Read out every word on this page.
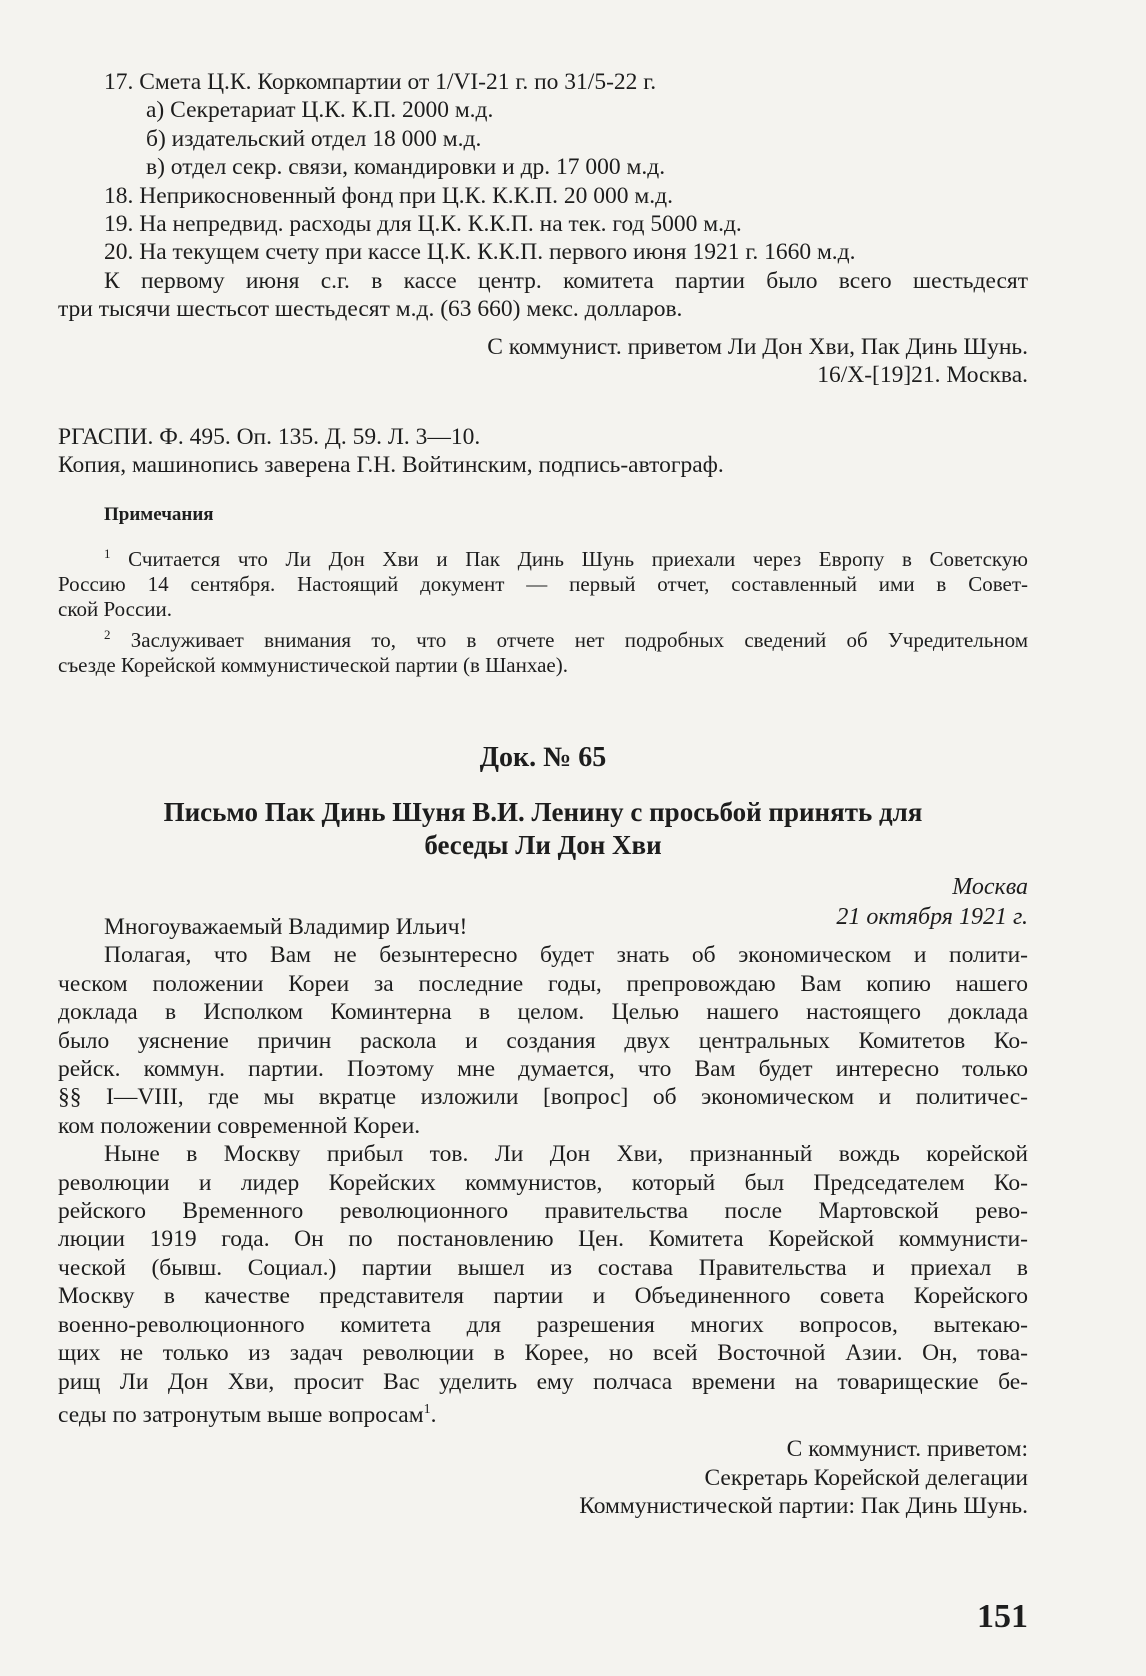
17. Смета Ц.К. Коркомпартии от 1/VI-21 г. по 31/5-22 г.
а) Секретариат Ц.К. К.П. 2000 м.д.
б) издательский отдел 18 000 м.д.
в) отдел секр. связи, командировки и др. 17 000 м.д.
18. Неприкосновенный фонд при Ц.К. К.К.П. 20 000 м.д.
19. На непредвид. расходы для Ц.К. К.К.П. на тек. год 5000 м.д.
20. На текущем счету при кассе Ц.К. К.К.П. первого июня 1921 г. 1660 м.д.
К первому июня с.г. в кассе центр. комитета партии было всего шестьдесят
три тысячи шестьсот шестьдесят м.д. (63 660) мекс. долларов.
С коммунист. приветом Ли Дон Хви, Пак Динь Шунь.
16/X-[19]21. Москва.
РГАСПИ. Ф. 495. Оп. 135. Д. 59. Л. 3—10.
Копия, машинопись заверена Г.Н. Войтинским, подпись-автограф.
Примечания
$^1$ Считается что Ли Дон Хви и Пак Динь Шунь приехали через Европу в Советскую
Россию 14 сентября. Настоящий документ — первый отчет, составленный ими в Совет-
ской России.
$^2$ Заслуживает внимания то, что в отчете нет подробных сведений об Учредительном
съезде Корейской коммунистической партии (в Шанхае).
Док. № 65
Письмо Пак Динь Шуня В.И. Ленину с просьбой принять для
беседы Ли Дон Хви
Москва
21 октября 1921 г.
Многоуважаемый Владимир Ильич!
Полагая, что Вам не безынтересно будет знать об экономическом и полити-
ческом положении Кореи за последние годы, препровождаю Вам копию нашего
доклада в Исполком Коминтерна в целом. Целью нашего настоящего доклада
было уяснение причин раскола и создания двух центральных Комитетов Ко-
рейск. коммун. партии. Поэтому мне думается, что Вам будет интересно только
§§ I—VIII, где мы вкратце изложили [вопрос] об экономическом и политичес-
ком положении современной Кореи.
Ныне в Москву прибыл тов. Ли Дон Хви, признанный вождь корейской
революции и лидер Корейских коммунистов, который был Председателем Ко-
рейского Временного революционного правительства после Мартовской рево-
люции 1919 года. Он по постановлению Цен. Комитета Корейской коммунисти-
ческой (бывш. Социал.) партии вышел из состава Правительства и приехал в
Москву в качестве представителя партии и Объединенного совета Корейского
военно-революционного комитета для разрешения многих вопросов, вытекаю-
щих не только из задач революции в Корее, но всей Восточной Азии. Он, това-
рищ Ли Дон Хви, просит Вас уделить ему полчаса времени на товарищеские бе-
седы по затронутым выше вопросам$^1$.
С коммунист. приветом:
Секретарь Корейской делегации
Коммунистической партии: Пак Динь Шунь.
151
